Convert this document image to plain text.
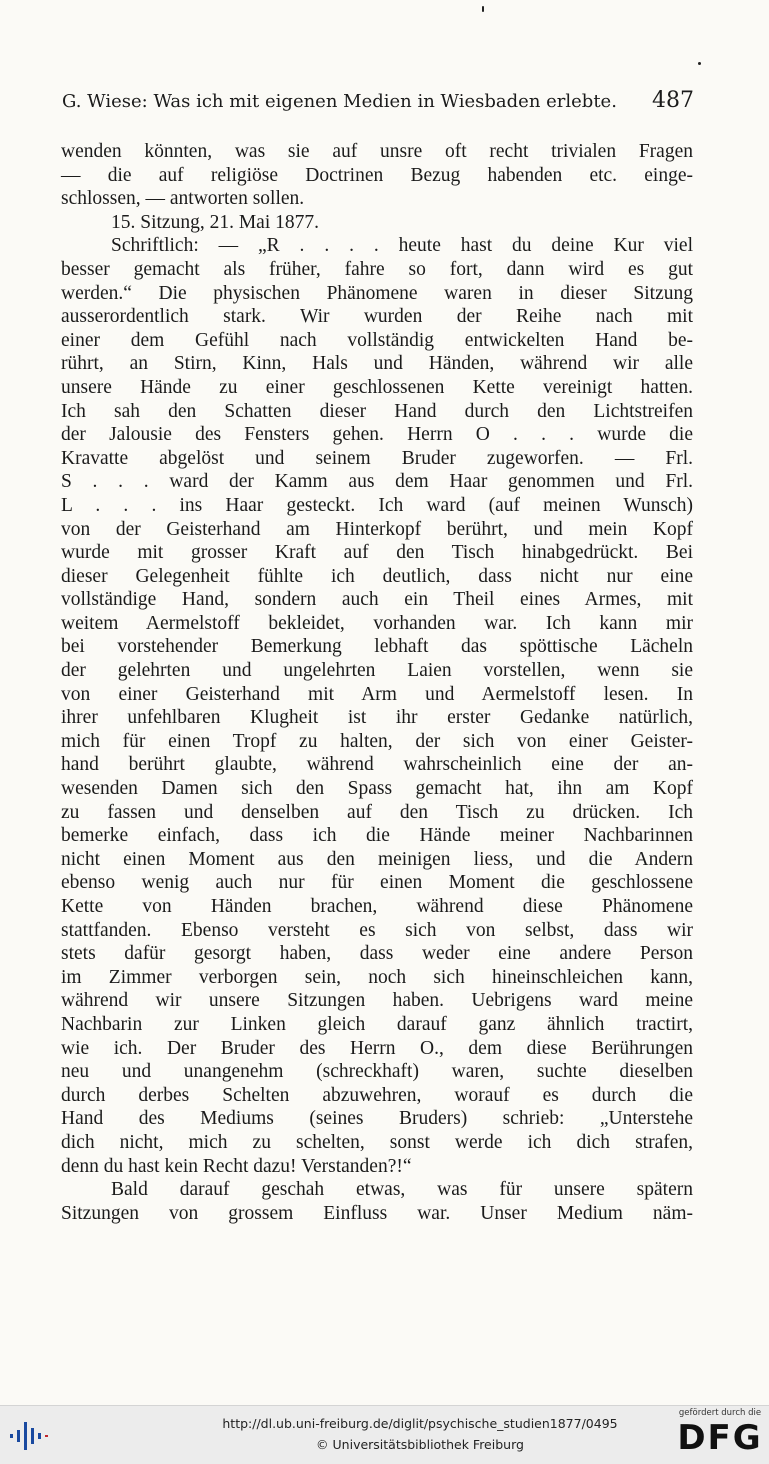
G. Wiese: Was ich mit eigenen Medien in Wiesbaden erlebte. 487
wenden könnten, was sie auf unsre oft recht trivialen Fragen
— die auf religiöse Doctrinen Bezug habenden etc. einge-
schlossen, — antworten sollen.
15. Sitzung, 21. Mai 1877.
Schriftlich: — „R . . . . heute hast du deine Kur viel
besser gemacht als früher, fahre so fort, dann wird es gut
werden.“ Die physischen Phänomene waren in dieser Sitzung
ausserordentlich stark. Wir wurden der Reihe nach mit
einer dem Gefühl nach vollständig entwickelten Hand be-
rührt, an Stirn, Kinn, Hals und Händen, während wir alle
unsere Hände zu einer geschlossenen Kette vereinigt hatten.
Ich sah den Schatten dieser Hand durch den Lichtstreifen
der Jalousie des Fensters gehen. Herrn O . . . wurde die
Kravatte abgelöst und seinem Bruder zugeworfen. — Frl.
S . . . ward der Kamm aus dem Haar genommen und Frl.
L . . . ins Haar gesteckt. Ich ward (auf meinen Wunsch)
von der Geisterhand am Hinterkopf berührt, und mein Kopf
wurde mit grosser Kraft auf den Tisch hinabgedrückt. Bei
dieser Gelegenheit fühlte ich deutlich, dass nicht nur eine
vollständige Hand, sondern auch ein Theil eines Armes, mit
weitem Aermelstoff bekleidet, vorhanden war. Ich kann mir
bei vorstehender Bemerkung lebhaft das spöttische Lächeln
der gelehrten und ungelehrten Laien vorstellen, wenn sie
von einer Geisterhand mit Arm und Aermelstoff lesen. In
ihrer unfehlbaren Klugheit ist ihr erster Gedanke natürlich,
mich für einen Tropf zu halten, der sich von einer Geister-
hand berührt glaubte, während wahrscheinlich eine der an-
wesenden Damen sich den Spass gemacht hat, ihn am Kopf
zu fassen und denselben auf den Tisch zu drücken. Ich
bemerke einfach, dass ich die Hände meiner Nachbarinnen
nicht einen Moment aus den meinigen liess, und die Andern
ebenso wenig auch nur für einen Moment die geschlossene
Kette von Händen brachen, während diese Phänomene
stattfanden. Ebenso versteht es sich von selbst, dass wir
stets dafür gesorgt haben, dass weder eine andere Person
im Zimmer verborgen sein, noch sich hineinschleichen kann,
während wir unsere Sitzungen haben. Uebrigens ward meine
Nachbarin zur Linken gleich darauf ganz ähnlich tractirt,
wie ich. Der Bruder des Herrn O., dem diese Berührungen
neu und unangenehm (schreckhaft) waren, suchte dieselben
durch derbes Schelten abzuwehren, worauf es durch die
Hand des Mediums (seines Bruders) schrieb: „Unterstehe
dich nicht, mich zu schelten, sonst werde ich dich strafen,
denn du hast kein Recht dazu! Verstanden?!“
Bald darauf geschah etwas, was für unsere spätern
Sitzungen von grossem Einfluss war. Unser Medium näm-
http://dl.ub.uni-freiburg.de/diglit/psychische_studien1877/0495
© Universitätsbibliothek Freiburg
gefördert durch die
DFG
